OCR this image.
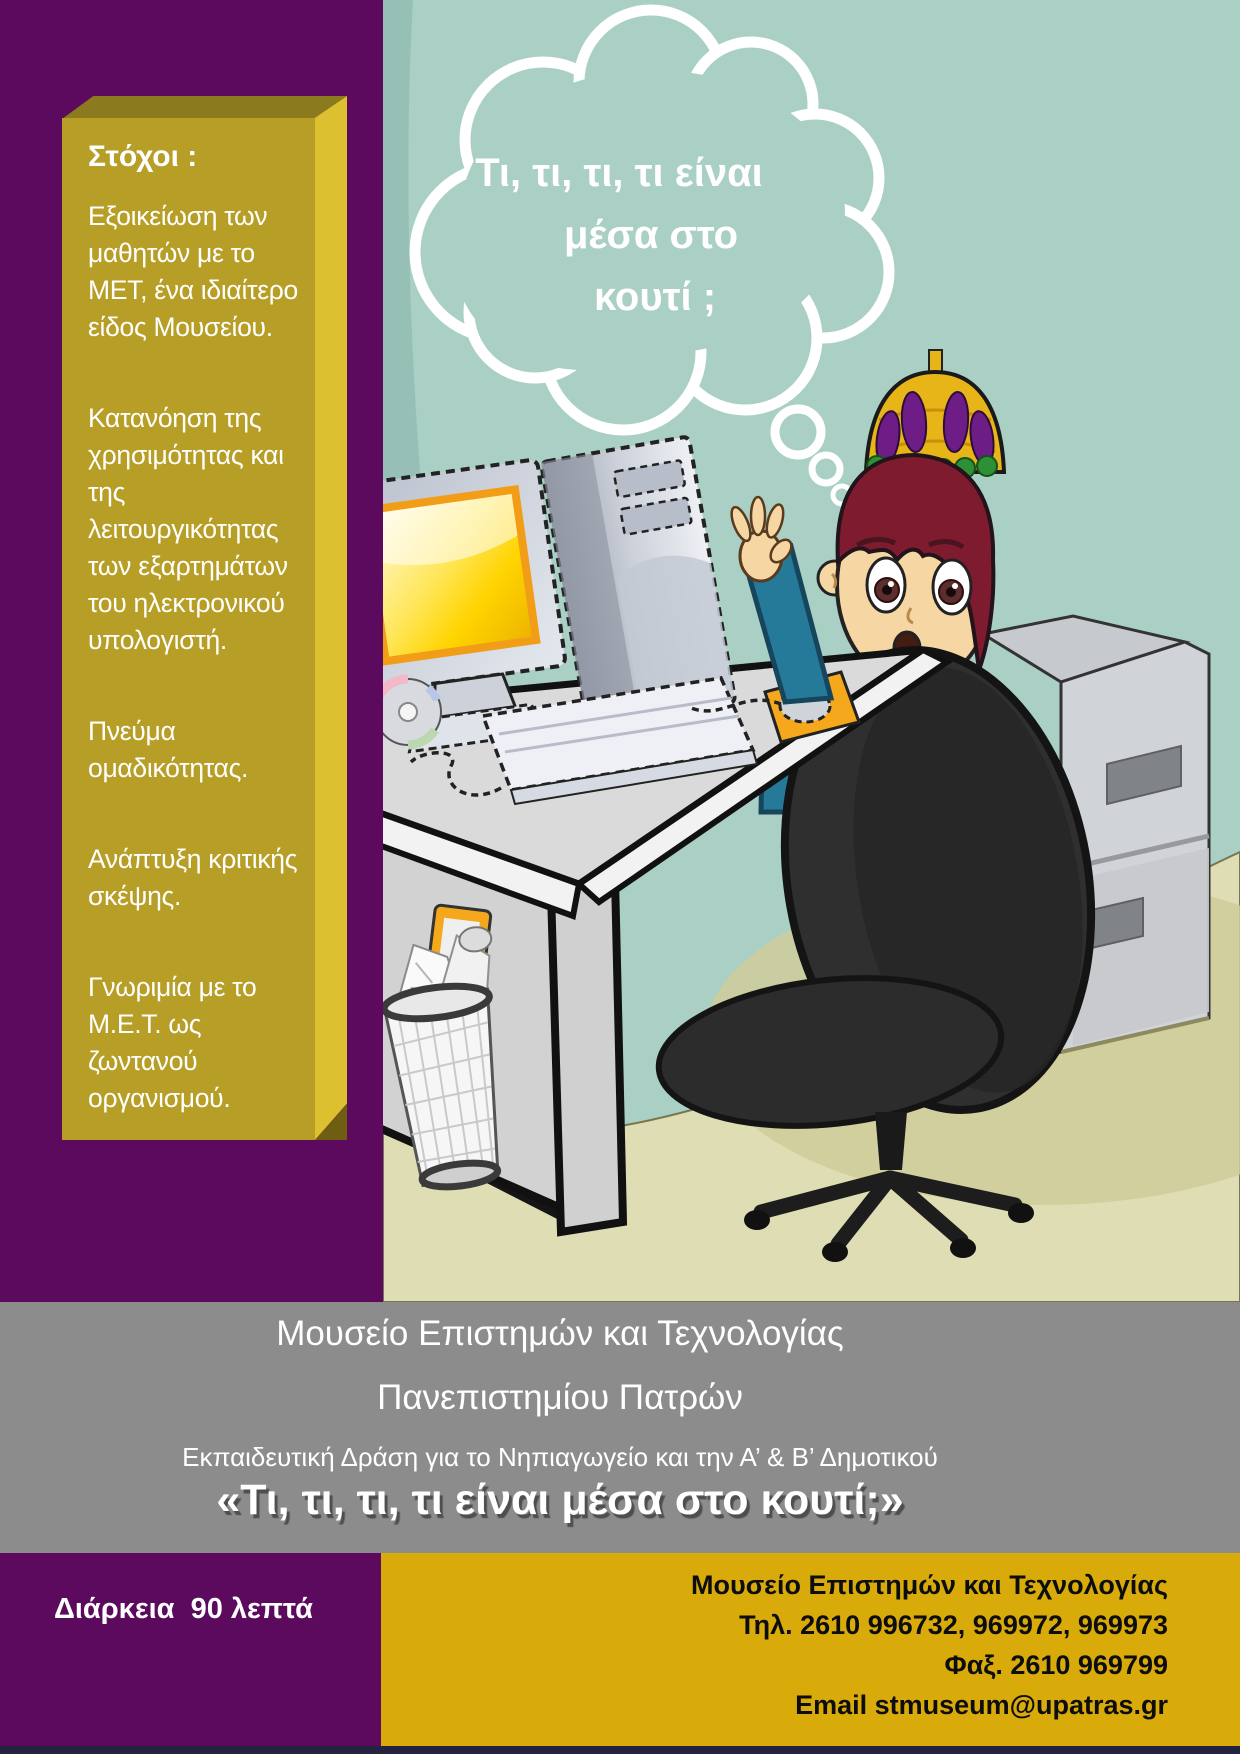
Στόχοι :

Εξοικείωση των μαθητών με το ΜΕΤ, ένα ιδιαίτερο είδος Μουσείου.

Κατανόηση της χρησιμότητας και της λειτουργικότητας των εξαρτημάτων του ηλεκτρονικού υπολογιστή.

Πνεύμα ομαδικότητας.

Ανάπτυξη κριτικής σκέψης.

Γνωριμία με το Μ.Ε.Τ. ως ζωντανού οργανισμού.

Τι, τι, τι, τι είναι
μέσα στο
κουτί ;
Μουσείο Επιστημών και Τεχνολογίας
Πανεπιστημίου Πατρών
Εκπαιδευτική Δράση για το Νηπιαγωγείο και την Α’ & Β’ Δημοτικού
«Τι, τι, τι, τι είναι μέσα στο κουτί;»
Διάρκεια  90 λεπτά
Μουσείο Επιστημών και Τεχνολογίας
Τηλ. 2610 996732, 969972, 969973
Φαξ. 2610 969799
Email stmuseum@upatras.gr
